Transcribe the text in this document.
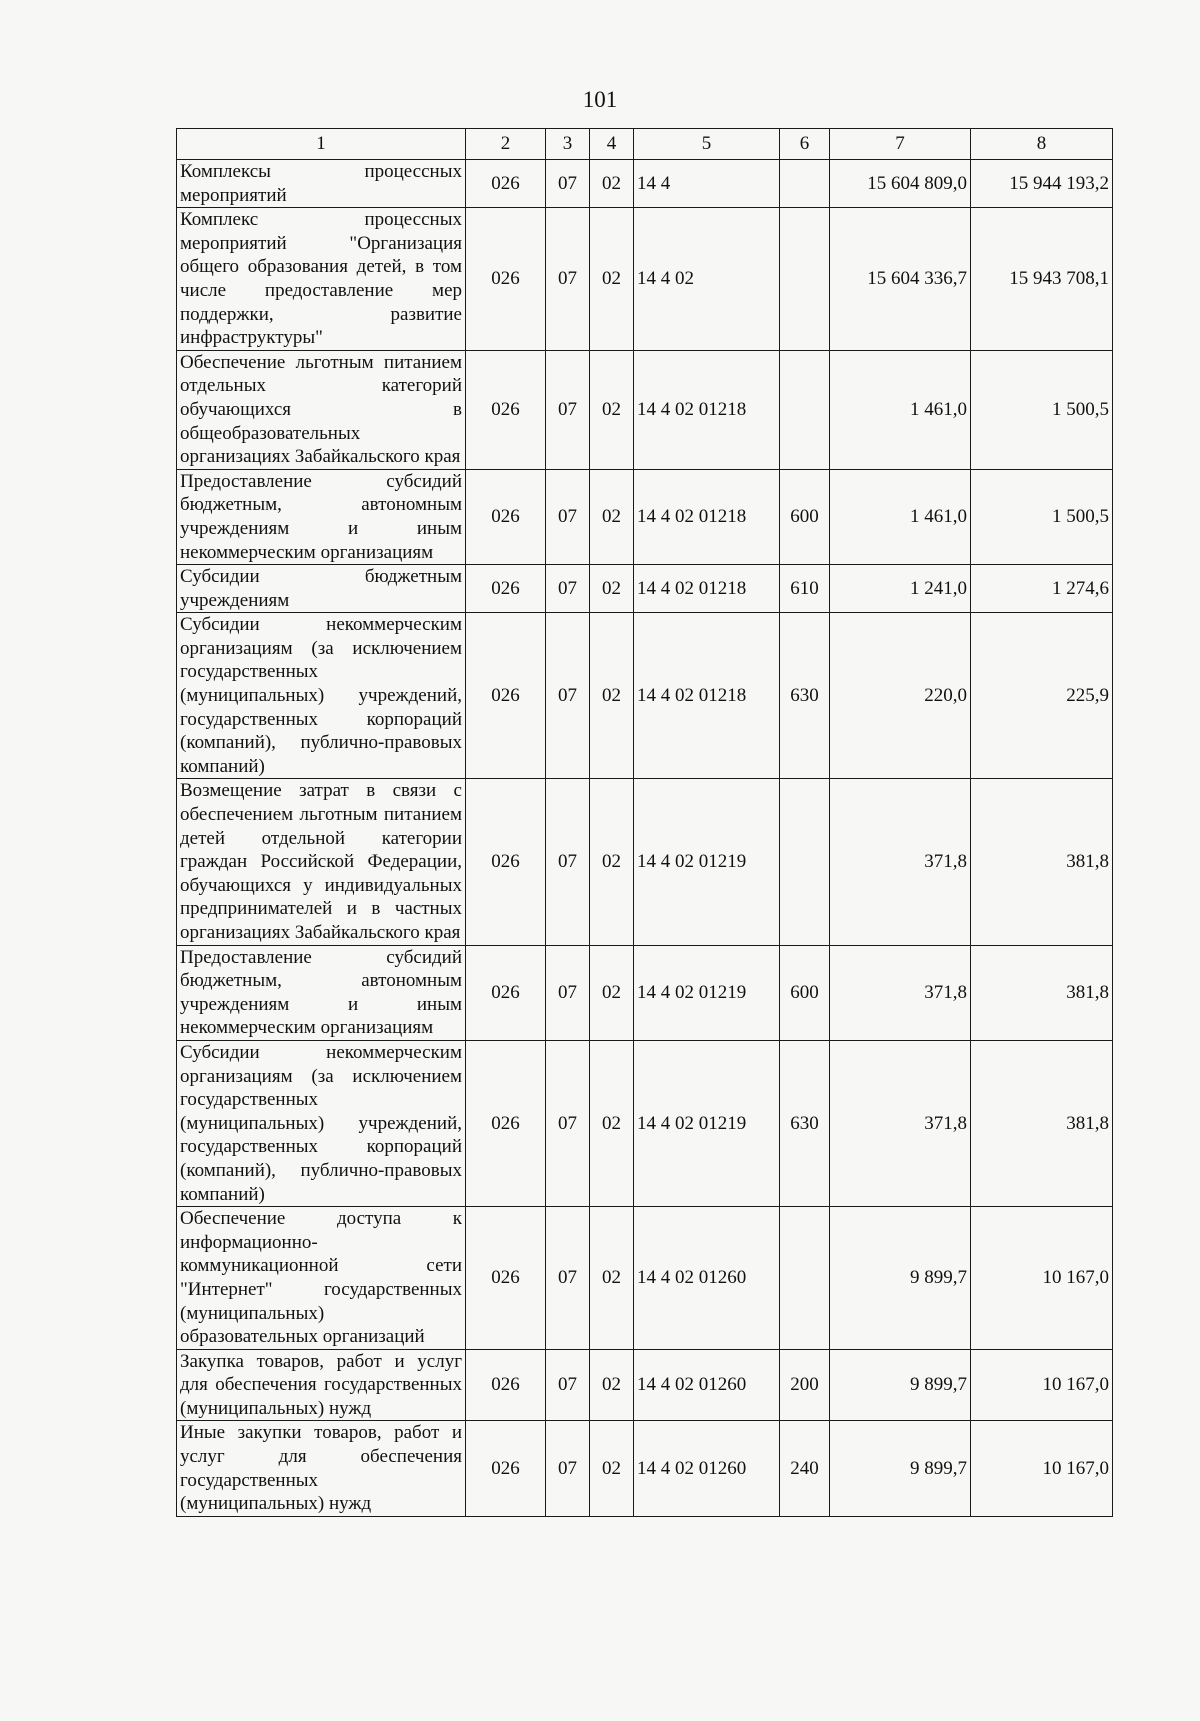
101
1	2	3	4	5	6	7	8
Комплексы процессных мероприятий	026	07	02	14 4		15 604 809,0	15 944 193,2
Комплекс процессных мероприятий "Организация общего образования детей, в том числе предоставление мер поддержки, развитие инфраструктуры"	026	07	02	14 4 02		15 604 336,7	15 943 708,1
Обеспечение льготным питанием отдельных категорий обучающихся в общеобразовательных организациях Забайкальского края	026	07	02	14 4 02 01218		1 461,0	1 500,5
Предоставление субсидий бюджетным, автономным учреждениям и иным некоммерческим организациям	026	07	02	14 4 02 01218	600	1 461,0	1 500,5
Субсидии бюджетным учреждениям	026	07	02	14 4 02 01218	610	1 241,0	1 274,6
Субсидии некоммерческим организациям (за исключением государственных (муниципальных) учреждений, государственных корпораций (компаний), публично-правовых компаний)	026	07	02	14 4 02 01218	630	220,0	225,9
Возмещение затрат в связи с обеспечением льготным питанием детей отдельной категории граждан Российской Федерации, обучающихся у индивидуальных предпринимателей и в частных организациях Забайкальского края	026	07	02	14 4 02 01219		371,8	381,8
Предоставление субсидий бюджетным, автономным учреждениям и иным некоммерческим организациям	026	07	02	14 4 02 01219	600	371,8	381,8
Субсидии некоммерческим организациям (за исключением государственных (муниципальных) учреждений, государственных корпораций (компаний), публично-правовых компаний)	026	07	02	14 4 02 01219	630	371,8	381,8
Обеспечение доступа к информационно-коммуникационной сети "Интернет" государственных (муниципальных) образовательных организаций	026	07	02	14 4 02 01260		9 899,7	10 167,0
Закупка товаров, работ и услуг для обеспечения государственных (муниципальных) нужд	026	07	02	14 4 02 01260	200	9 899,7	10 167,0
Иные закупки товаров, работ и услуг для обеспечения государственных (муниципальных) нужд	026	07	02	14 4 02 01260	240	9 899,7	10 167,0
